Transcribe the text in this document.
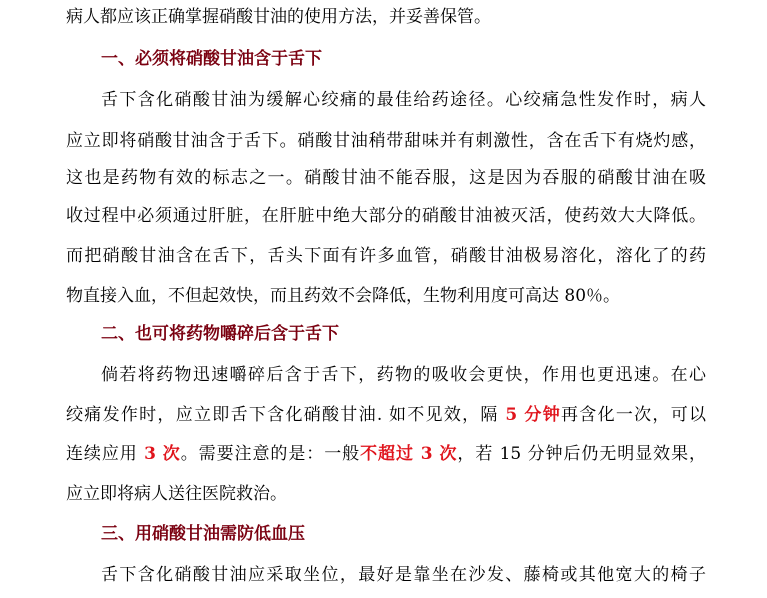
病人都应该正确掌握硝酸甘油的使用方法，并妥善保管。
一、必须将硝酸甘油含于舌下
舌下含化硝酸甘油为缓解心绞痛的最佳给药途径。心绞痛急性发作时，病人
应立即将硝酸甘油含于舌下。硝酸甘油稍带甜味并有刺激性，含在舌下有烧灼感，
这也是药物有效的标志之一。硝酸甘油不能吞服，这是因为吞服的硝酸甘油在吸
收过程中必须通过肝脏，在肝脏中绝大部分的硝酸甘油被灭活，使药效大大降低。
而把硝酸甘油含在舌下，舌头下面有许多血管，硝酸甘油极易溶化，溶化了的药
物直接入血，不但起效快，而且药效不会降低，生物利用度可高达 80％。
二、也可将药物嚼碎后含于舌下
倘若将药物迅速嚼碎后含于舌下，药物的吸收会更快，作用也更迅速。在心
绞痛发作时，应立即舌下含化硝酸甘油. 如不见效，隔 5 分钟再含化一次，可以
连续应用 3 次。需要注意的是：一般不超过 3 次，若 15 分钟后仍无明显效果，
应立即将病人送往医院救治。
三、用硝酸甘油需防低血压
舌下含化硝酸甘油应采取坐位，最好是靠坐在沙发、藤椅或其他宽大的椅子
